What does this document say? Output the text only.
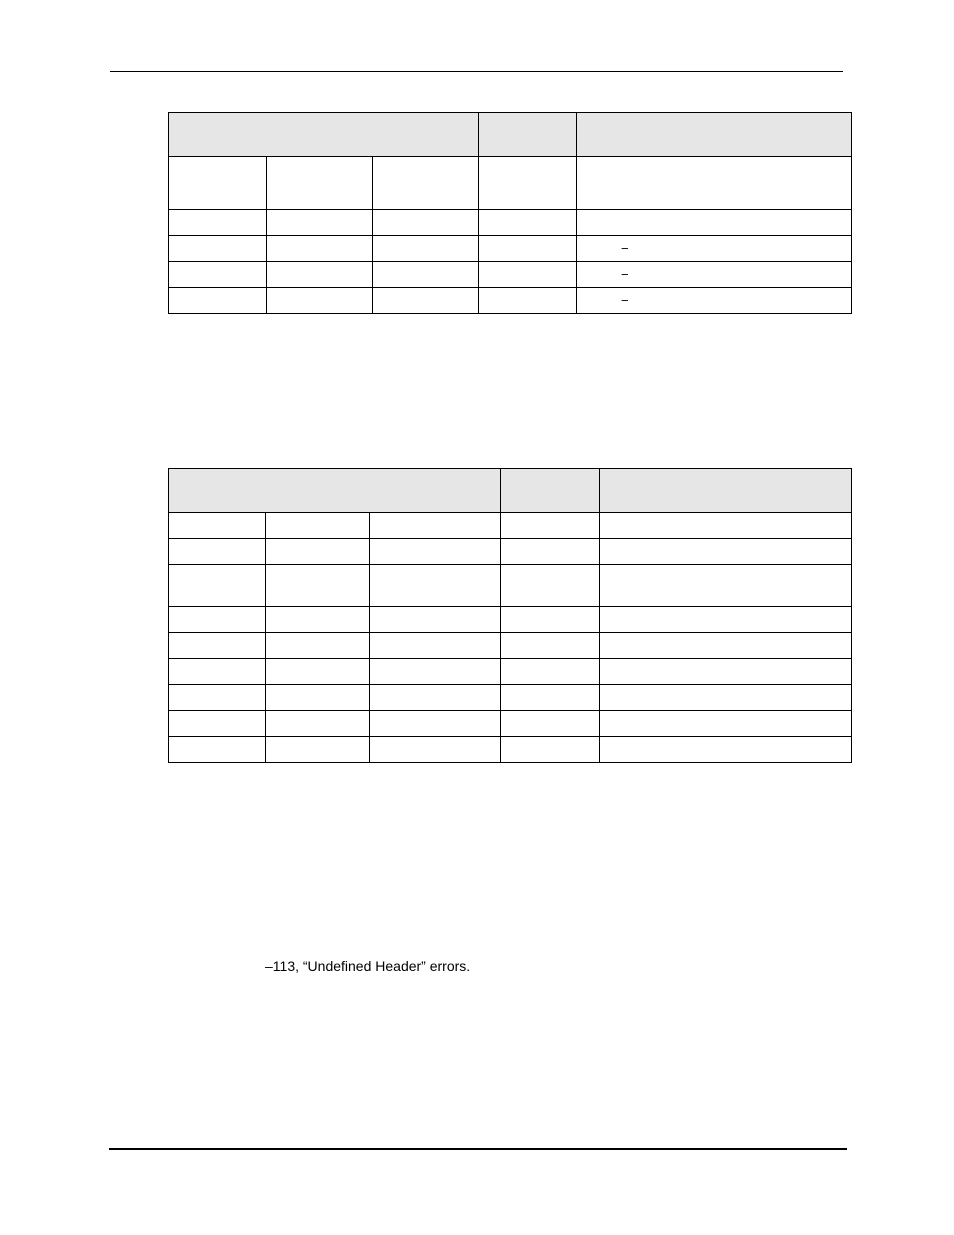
				−
				−
				−

–113, “Undefined Header” errors.
